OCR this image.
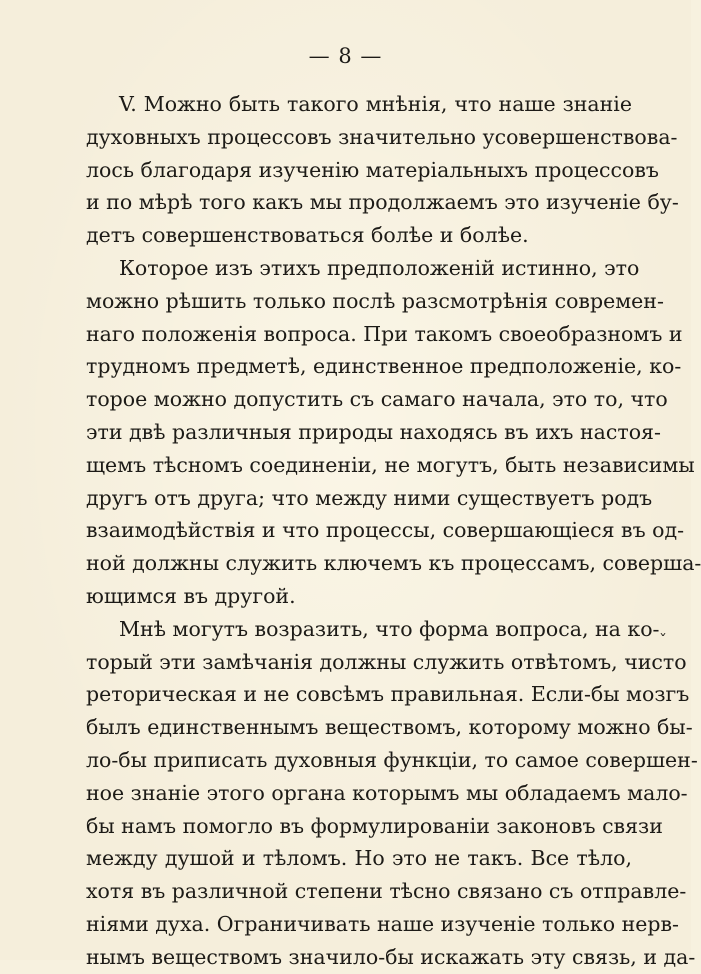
— 8 —
V. Можно быть такого мнѣнія, что наше знаніе
духовныхъ процессовъ значительно усовершенствова-
лось благодаря изученію матеріальныхъ процессовъ
и по мѣрѣ того какъ мы продолжаемъ это изученіе бу-
детъ совершенствоваться болѣе и болѣе.
Которое изъ этихъ предположеній истинно, это
можно рѣшить только послѣ разсмотрѣнія современ-
наго положенія вопроса. При такомъ своеобразномъ и
трудномъ предметѣ, единственное предположеніе, ко-
торое можно допустить съ самаго начала, это то, что
эти двѣ различныя природы находясь въ ихъ настоя-
щемъ тѣсномъ соединеніи, не могутъ, быть независимы
другъ отъ друга; что между ними существуетъ родъ
взаимодѣйствія и что процессы, совершающіеся въ од-
ной должны служить ключемъ къ процессамъ, соверша-
ющимся въ другой.
Мнѣ могутъ возразить, что форма вопроса, на ко-
торый эти замѣчанія должны служить отвѣтомъ, чисто
реторическая и не совсѣмъ правильная. Если-бы мозгъ
былъ единственнымъ веществомъ, которому можно бы-
ло-бы приписать духовныя функціи, то самое совершен-
ное знаніе этого органа которымъ мы обладаемъ мало-
бы намъ помогло въ формулированіи законовъ связи
между душой и тѣломъ. Но это не такъ. Все тѣло,
хотя въ различной степени тѣсно связано съ отправле-
ніями духа. Ограничивать наше изученіе только нерв-
нымъ веществомъ значило-бы искажать эту связь, и да-
˯
